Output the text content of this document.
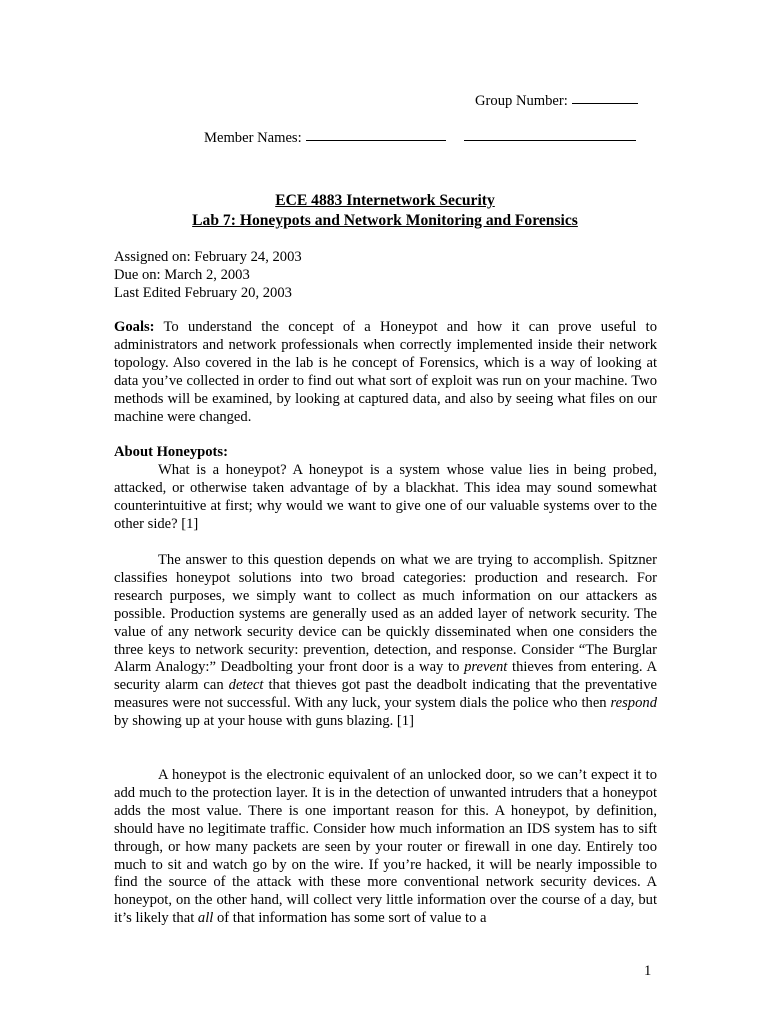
Group Number:
Member Names:
ECE 4883 Internetwork Security
Lab 7: Honeypots and Network Monitoring and Forensics
Assigned on: February 24, 2003
Due on: March 2, 2003
Last Edited February 20, 2003

Goals: To understand the concept of a Honeypot and how it can prove useful to administrators and network professionals when correctly implemented inside their network topology. Also covered in the lab is he concept of Forensics, which is a way of looking at data you’ve collected in order to find out what sort of exploit was run on your machine. Two methods will be examined, by looking at captured data, and also by seeing what files on our machine were changed.

About Honeypots:

What is a honeypot? A honeypot is a system whose value lies in being probed, attacked, or otherwise taken advantage of by a blackhat. This idea may sound somewhat counterintuitive at first; why would we want to give one of our valuable systems over to the other side? [1]

The answer to this question depends on what we are trying to accomplish. Spitzner classifies honeypot solutions into two broad categories: production and research. For research purposes, we simply want to collect as much information on our attackers as possible. Production systems are generally used as an added layer of network security. The value of any network security device can be quickly disseminated when one considers the three keys to network security: prevention, detection, and response. Consider “The Burglar Alarm Analogy:” Deadbolting your front door is a way to prevent thieves from entering. A security alarm can detect that thieves got past the deadbolt indicating that the preventative measures were not successful. With any luck, your system dials the police who then respond by showing up at your house with guns blazing. [1]

A honeypot is the electronic equivalent of an unlocked door, so we can’t expect it to add much to the protection layer. It is in the detection of unwanted intruders that a honeypot adds the most value. There is one important reason for this. A honeypot, by definition, should have no legitimate traffic. Consider how much information an IDS system has to sift through, or how many packets are seen by your router or firewall in one day. Entirely too much to sit and watch go by on the wire. If you’re hacked, it will be nearly impossible to find the source of the attack with these more conventional network security devices. A honeypot, on the other hand, will collect very little information over the course of a day, but it’s likely that all of that information has some sort of value to a

1
